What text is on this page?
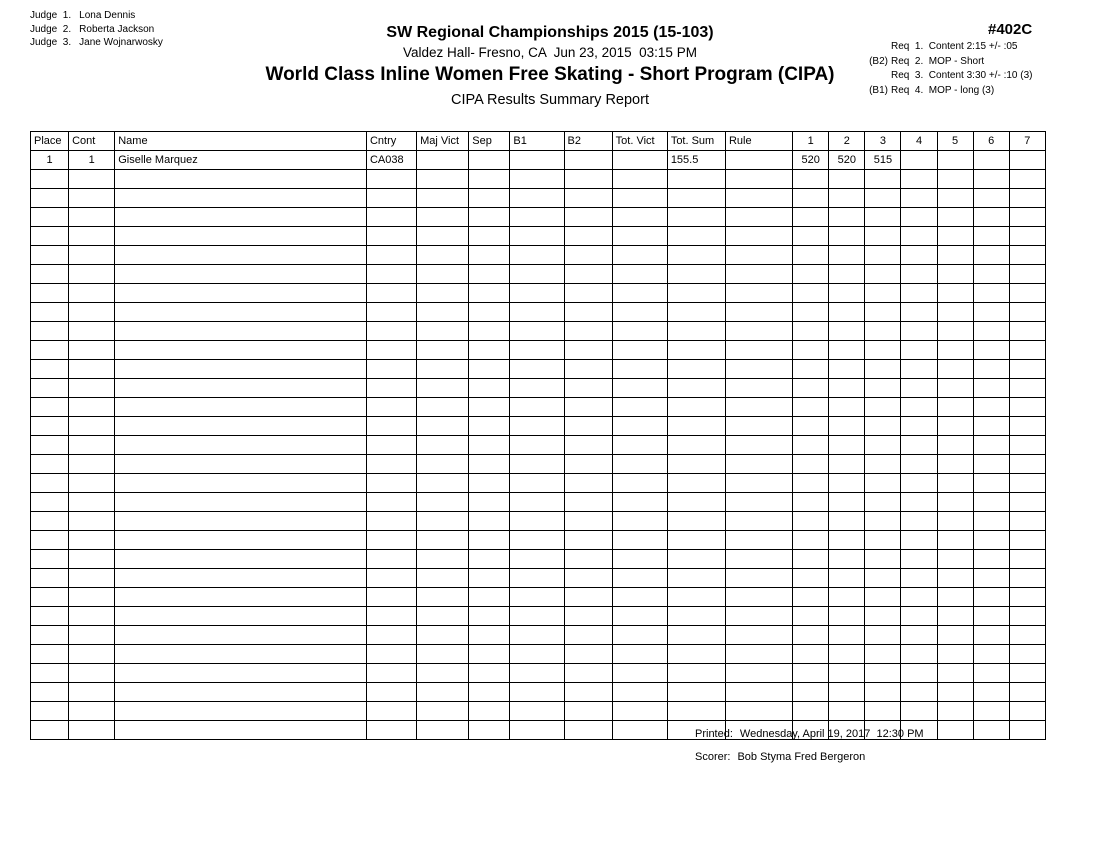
Judge  1. Lona Dennis
Judge  2. Roberta Jackson
Judge  3. Jane Wojnarwosky
SW Regional Championships 2015 (15-103)
Valdez Hall- Fresno, CA  Jun 23, 2015  03:15 PM
World Class Inline Women Free Skating - Short Program (CIPA)
CIPA Results Summary Report
#402C
Req  1.  Content 2:15 +/- :05
(B2) Req  2.  MOP - Short
Req  3.  Content 3:30 +/- :10 (3)
(B1) Req  4.  MOP - long (3)
Place	Cont	Name	Cntry	Maj Vict	Sep	B1	B2	Tot. Vict	Tot. Sum	Rule	1	2	3	4	5	6	7
1	1	Giselle Marquez	CA038						155.5		520	520	515				

Printed: Wednesday, April 19, 2017  12:30 PM
Scorer: Bob Styma Fred Bergeron
